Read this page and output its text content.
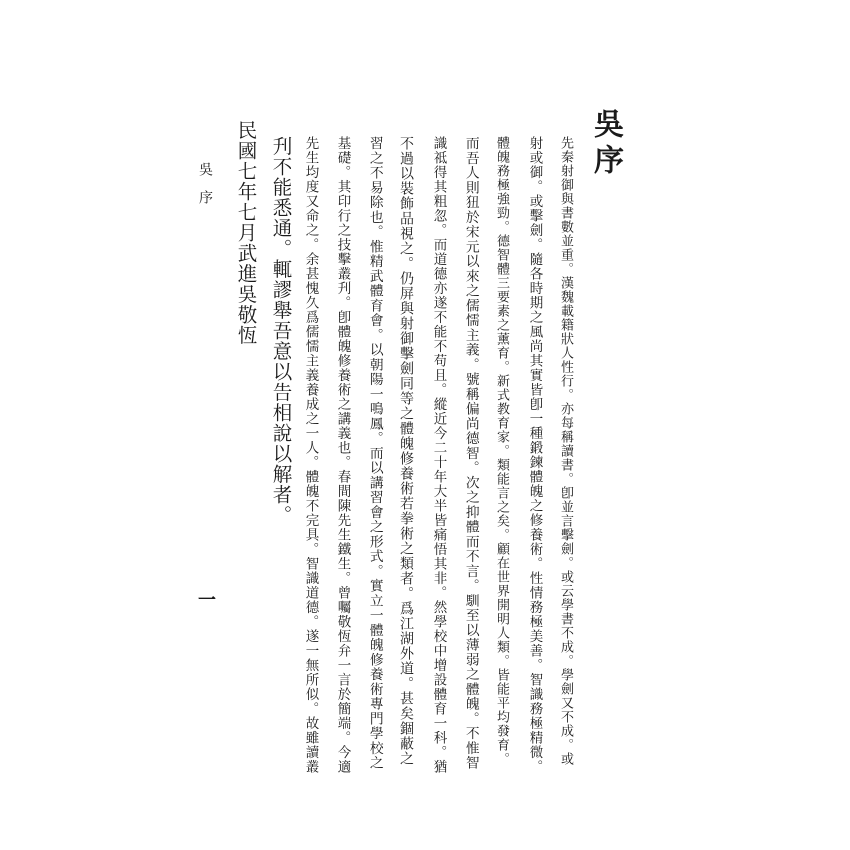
吳序
先秦射御與書數並重。漢魏載籍狀人性行。亦每稱讀書。卽並言擊劍。或云學書不成。學劍又不成。或
射或御。或擊劍。隨各時期之風尚其實皆卽一種鍛鍊體魄之修養術。性情務極美善。智識務極精微。
體魄務極強勁。德智體三要素之薰育。新式教育家。類能言之矣。顧在世界開明人類。皆能平均發育。
而吾人則狃於宋元以來之儒懦主義。號稱偏尚德智。次之抑體而不言。馴至以薄弱之體魄。不惟智
識祗得其粗忽。而道德亦遂不能不苟且。縱近今二十年大半皆痛悟其非。然學校中增設體育一科。猶
不過以裝飾品視之。仍屏與射御擊劍同等之體魄修養術若拳術之類者。爲江湖外道。甚矣錮蔽之
習之不易除也。惟精武體育會。以朝陽一鳴鳳。而以講習會之形式。實立一體魄修養術專門學校之
基礎。其印行之技擊叢刋。卽體魄修養術之講義也。春間陳先生鐵生。曾囑敬恆弁一言於簡端。今適
先生均度又命之。余甚愧久爲儒懦主義養成之一人。體魄不完具。智識道德。遂一無所似。故雖讀叢
刋不能悉通。輒謬舉吾意以告相說以解者。
民國七年七月武進吳敬恆
吳序
一
